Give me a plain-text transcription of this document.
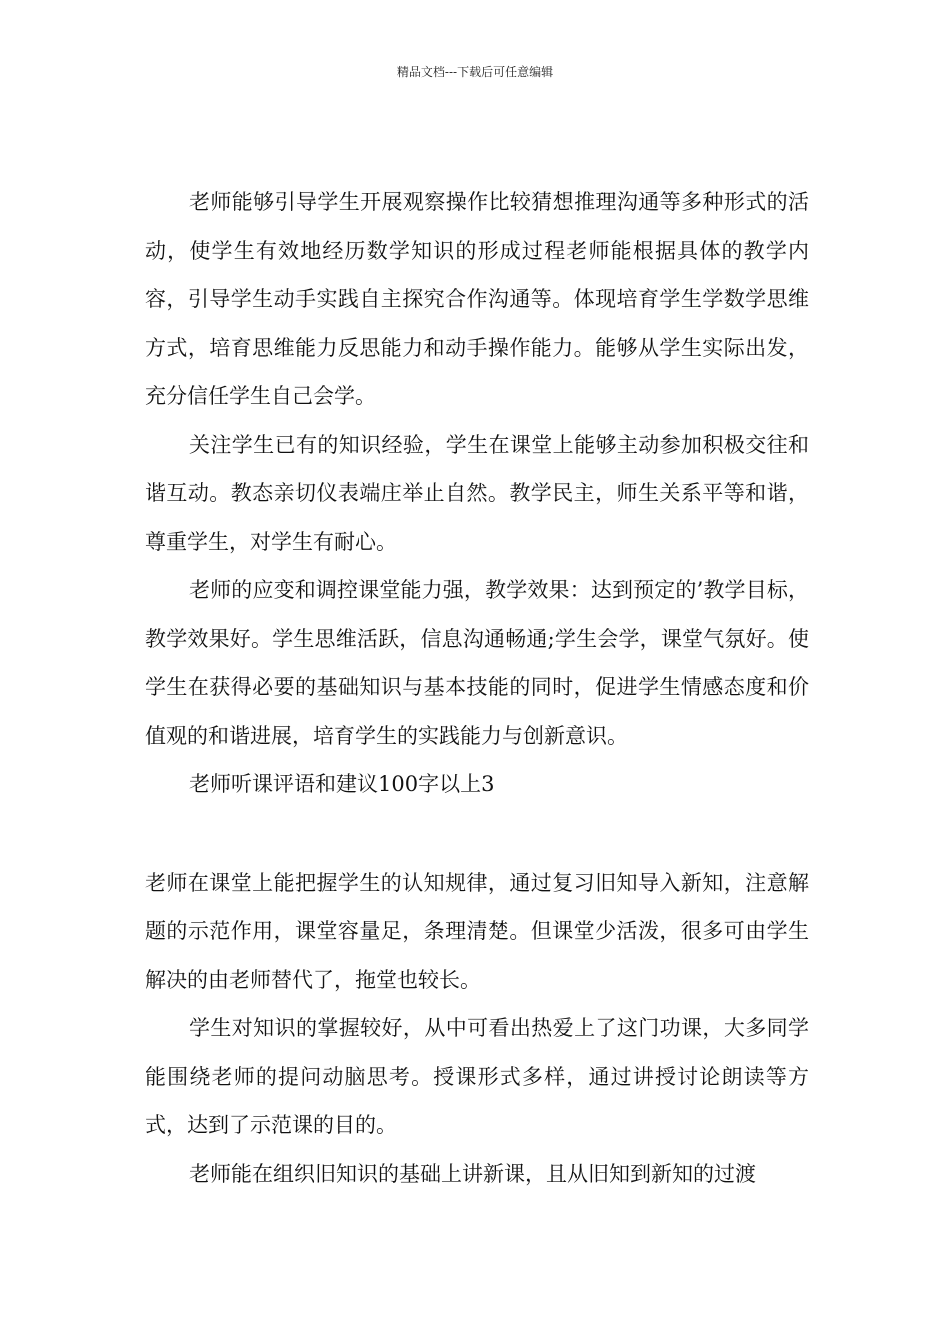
精品文档---下载后可任意编辑

老师能够引导学生开展观察操作比较猜想推理沟通等多种形式的活动，使学生有效地经历数学知识的形成过程老师能根据具体的教学内容，引导学生动手实践自主探究合作沟通等。体现培育学生学数学思维方式，培育思维能力反思能力和动手操作能力。能够从学生实际出发，充分信任学生自己会学。

关注学生已有的知识经验，学生在课堂上能够主动参加积极交往和谐互动。教态亲切仪表端庄举止自然。教学民主，师生关系平等和谐，尊重学生，对学生有耐心。

老师的应变和调控课堂能力强，教学效果：达到预定的’教学目标，教学效果好。学生思维活跃，信息沟通畅通;学生会学，课堂气氛好。使学生在获得必要的基础知识与基本技能的同时，促进学生情感态度和价值观的和谐进展，培育学生的实践能力与创新意识。

老师听课评语和建议100字以上3

老师在课堂上能把握学生的认知规律，通过复习旧知导入新知，注意解题的示范作用，课堂容量足，条理清楚。但课堂少活泼，很多可由学生解决的由老师替代了，拖堂也较长。

学生对知识的掌握较好，从中可看出热爱上了这门功课，大多同学能围绕老师的提问动脑思考。授课形式多样，通过讲授讨论朗读等方式，达到了示范课的目的。

老师能在组织旧知识的基础上讲新课，且从旧知到新知的过渡
